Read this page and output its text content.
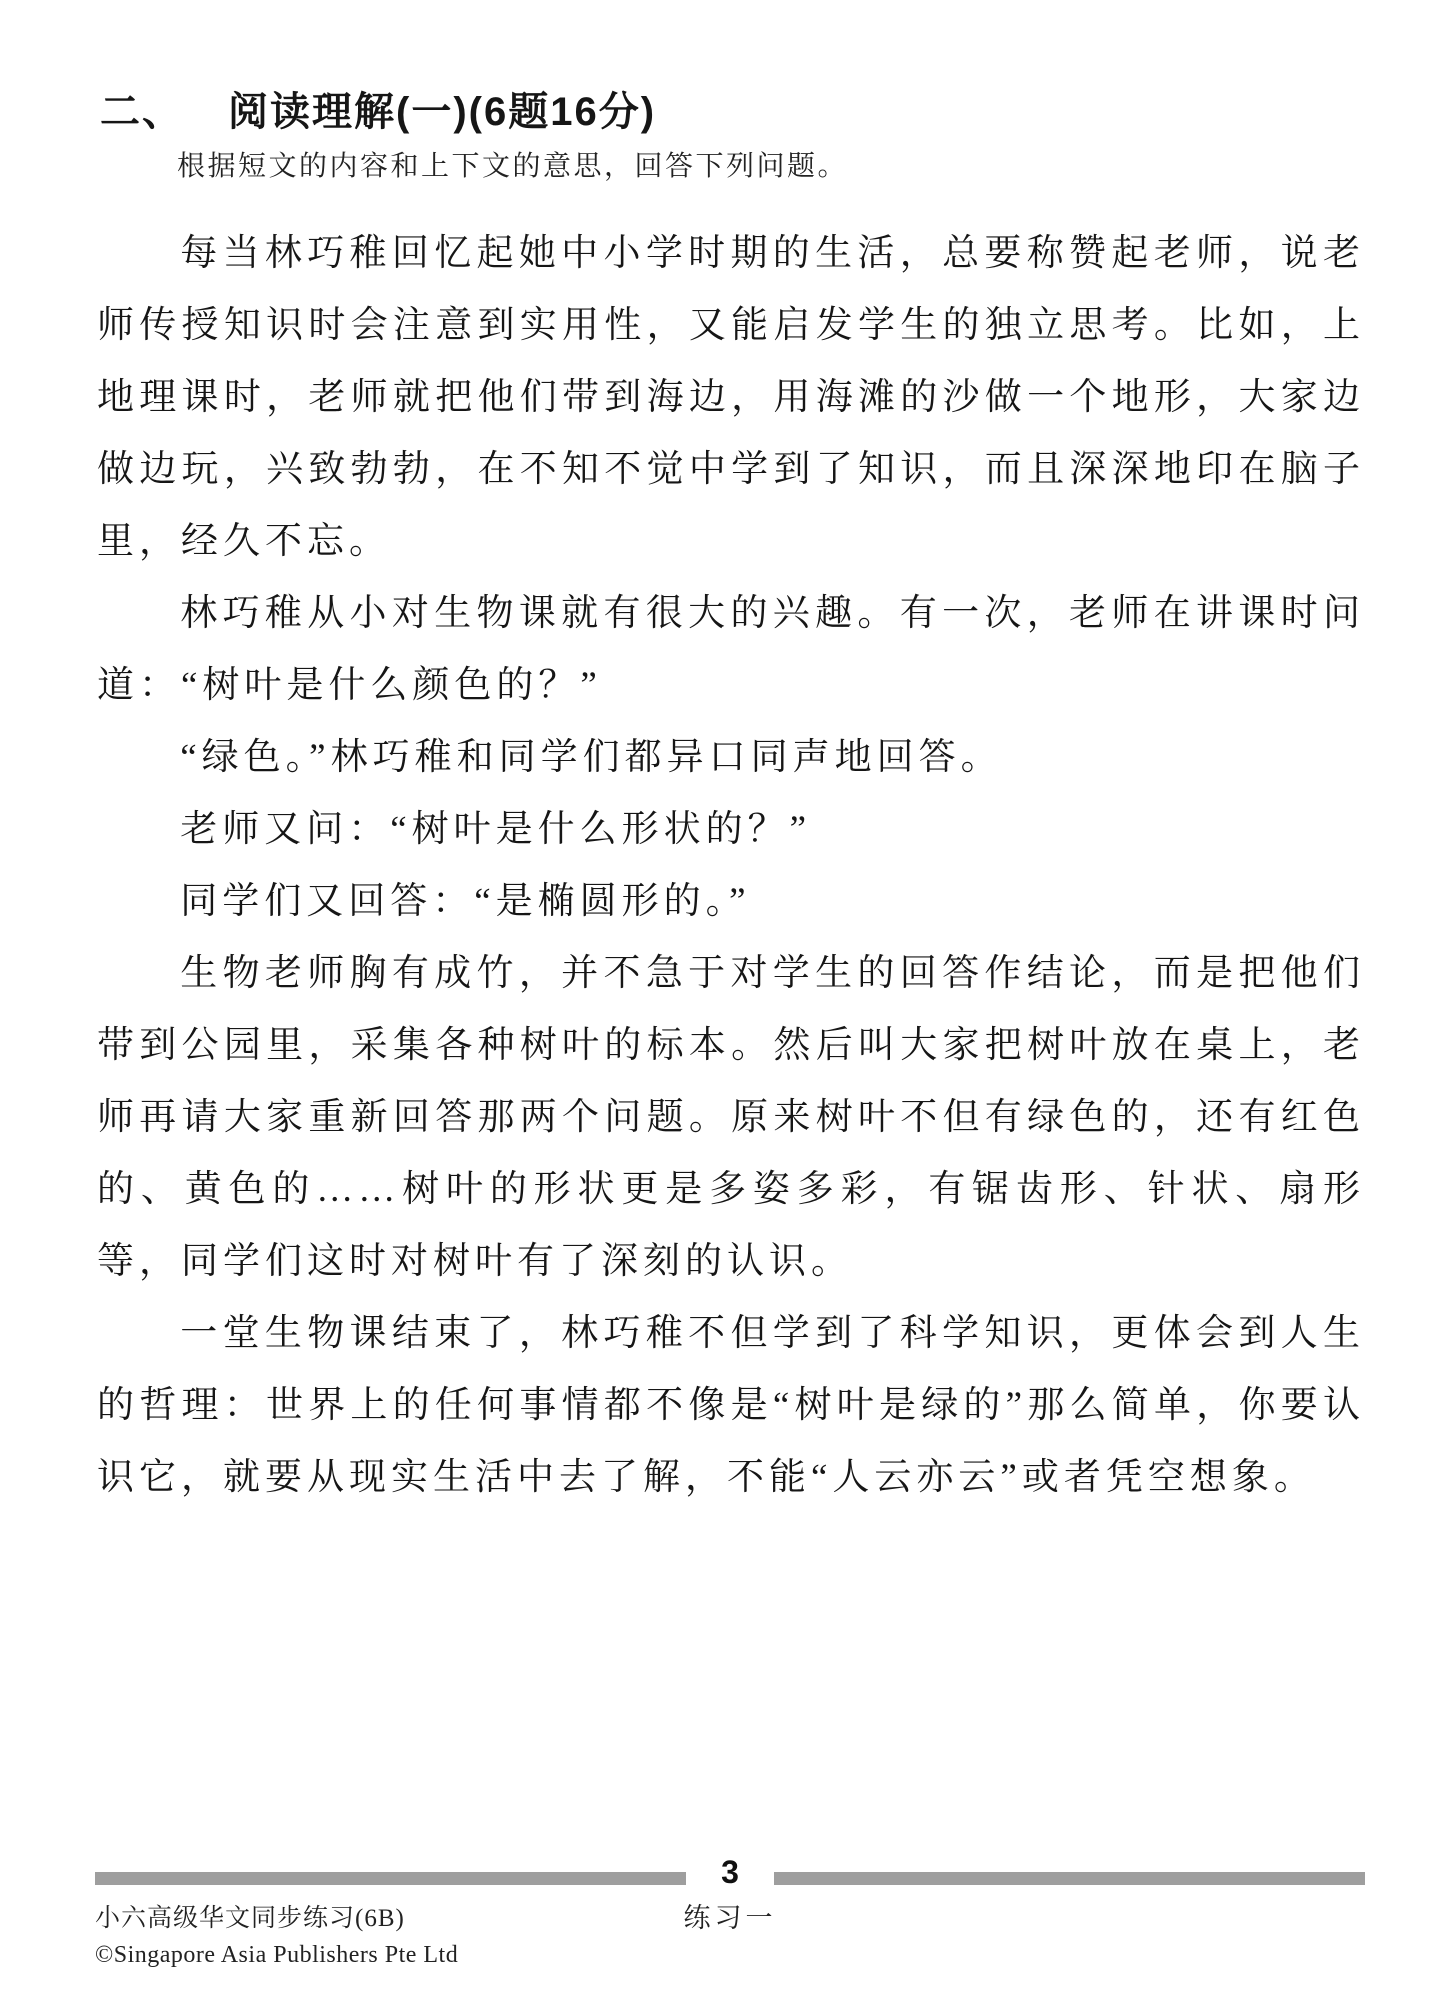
二、 阅读理解(一)(6题16分)
根据短文的内容和上下文的意思，回答下列问题。

每当林巧稚回忆起她中小学时期的生活，总要称赞起老师，说老师传授知识时会注意到实用性，又能启发学生的独立思考。比如，上地理课时，老师就把他们带到海边，用海滩的沙做一个地形，大家边做边玩，兴致勃勃，在不知不觉中学到了知识，而且深深地印在脑子里，经久不忘。

林巧稚从小对生物课就有很大的兴趣。有一次，老师在讲课时问道：“树叶是什么颜色的？”

“绿色。”林巧稚和同学们都异口同声地回答。

老师又问：“树叶是什么形状的？”

同学们又回答：“是椭圆形的。”

生物老师胸有成竹，并不急于对学生的回答作结论，而是把他们带到公园里，采集各种树叶的标本。然后叫大家把树叶放在桌上，老师再请大家重新回答那两个问题。原来树叶不但有绿色的，还有红色的、黄色的……树叶的形状更是多姿多彩，有锯齿形、针状、扇形等，同学们这时对树叶有了深刻的认识。

一堂生物课结束了，林巧稚不但学到了科学知识，更体会到人生的哲理：世界上的任何事情都不像是“树叶是绿的”那么简单，你要认识它，就要从现实生活中去了解，不能“人云亦云”或者凭空想象。

3
练习一
小六高级华文同步练习(6B)
©Singapore Asia Publishers Pte Ltd
